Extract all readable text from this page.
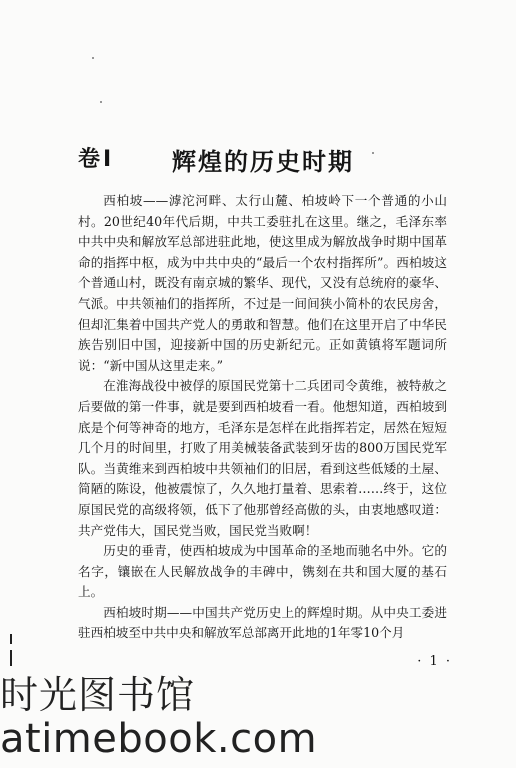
卷Ⅰ 辉煌的历史时期

西柏坡——滹沱河畔、太行山麓、柏坡岭下一个普通的小山村。20世纪40年代后期，中共工委驻扎在这里。继之，毛泽东率中共中央和解放军总部进驻此地，使这里成为解放战争时期中国革命的指挥中枢，成为中共中央的“最后一个农村指挥所”。西柏坡这个普通山村，既没有南京城的繁华、现代，又没有总统府的豪华、气派。中共领袖们的指挥所，不过是一间间狭小简朴的农民房舍，但却汇集着中国共产党人的勇敢和智慧。他们在这里开启了中华民族告别旧中国，迎接新中国的历史新纪元。正如黄镇将军题词所说：“新中国从这里走来。”

在淮海战役中被俘的原国民党第十二兵团司令黄维，被特赦之后要做的第一件事，就是要到西柏坡看一看。他想知道，西柏坡到底是个何等神奇的地方，毛泽东是怎样在此指挥若定，居然在短短几个月的时间里，打败了用美械装备武装到牙齿的800万国民党军队。当黄维来到西柏坡中共领袖们的旧居，看到这些低矮的土屋、简陋的陈设，他被震惊了，久久地打量着、思索着……终于，这位原国民党的高级将领，低下了他那曾经高傲的头，由衷地感叹道：共产党伟大，国民党当败，国民党当败啊！

历史的垂青，使西柏坡成为中国革命的圣地而驰名中外。它的名字，镶嵌在人民解放战争的丰碑中，镌刻在共和国大厦的基石上。

西柏坡时期——中国共产党历史上的辉煌时期。从中央工委进驻西柏坡至中共中央和解放军总部离开此地的1年零10个月

· 1 ·
时光图书馆
atimebook.com
